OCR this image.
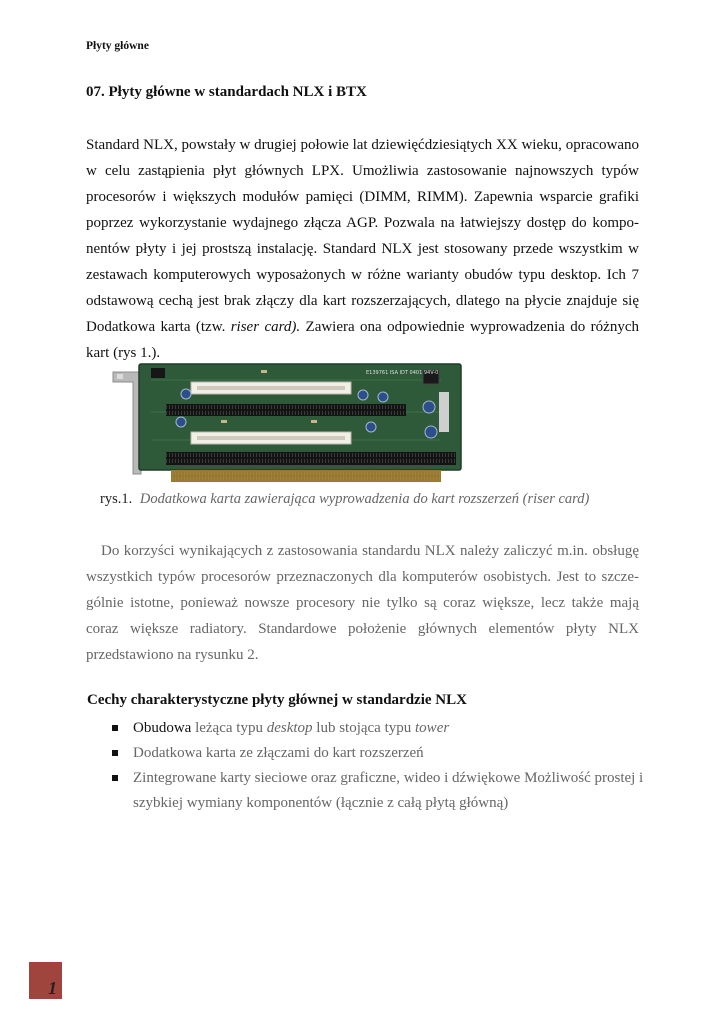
Płyty główne
07. Płyty główne w standardach NLX i BTX

Standard NLX, powstały w drugiej połowie lat dziewięćdziesiątych XX wieku, opracowano w celu zastąpienia płyt głównych LPX. Umożliwia zastosowanie najnowszych typów procesorów i większych modułów pamięci (DIMM, RIMM). Zapewnia wsparcie grafiki poprzez wykorzystanie wydajnego złącza AGP. Pozwala na łatwiejszy dostęp do kompo-nentów płyty i jej prostszą instalację. Standard NLX jest stosowany przede wszystkim w zestawach komputerowych wyposażonych w różne warianty obudów typu desktop. Ich 7 odstawową cechą jest brak złączy dla kart rozszerzających, dlatego na płycie znajduje się Dodatkowa karta (tzw. riser card). Zawiera ona odpowiednie wyprowadzenia do różnych kart (rys 1.).

E139761 ISA IDT 0401 94V-0
rys.1. Dodatkowa karta zawierająca wyprowadzenia do kart rozszerzeń (riser card)

Do korzyści wynikających z zastosowania standardu NLX należy zaliczyć m.in. obsługę wszystkich typów procesorów przeznaczonych dla komputerów osobistych. Jest to szcze-gólnie istotne, ponieważ nowsze procesory nie tylko są coraz większe, lecz także mają coraz większe radiatory. Standardowe położenie głównych elementów płyty NLX przedstawiono na rysunku 2.

Cechy charakterystyczne płyty głównej w standardzie NLX
Obudowa leżąca typu desktop lub stojąca typu tower
Dodatkowa karta ze złączami do kart rozszerzeń
Zintegrowane karty sieciowe oraz graficzne, wideo i dźwiękowe Możliwość prostej i szybkiej wymiany komponentów (łącznie z całą płytą główną)
1
